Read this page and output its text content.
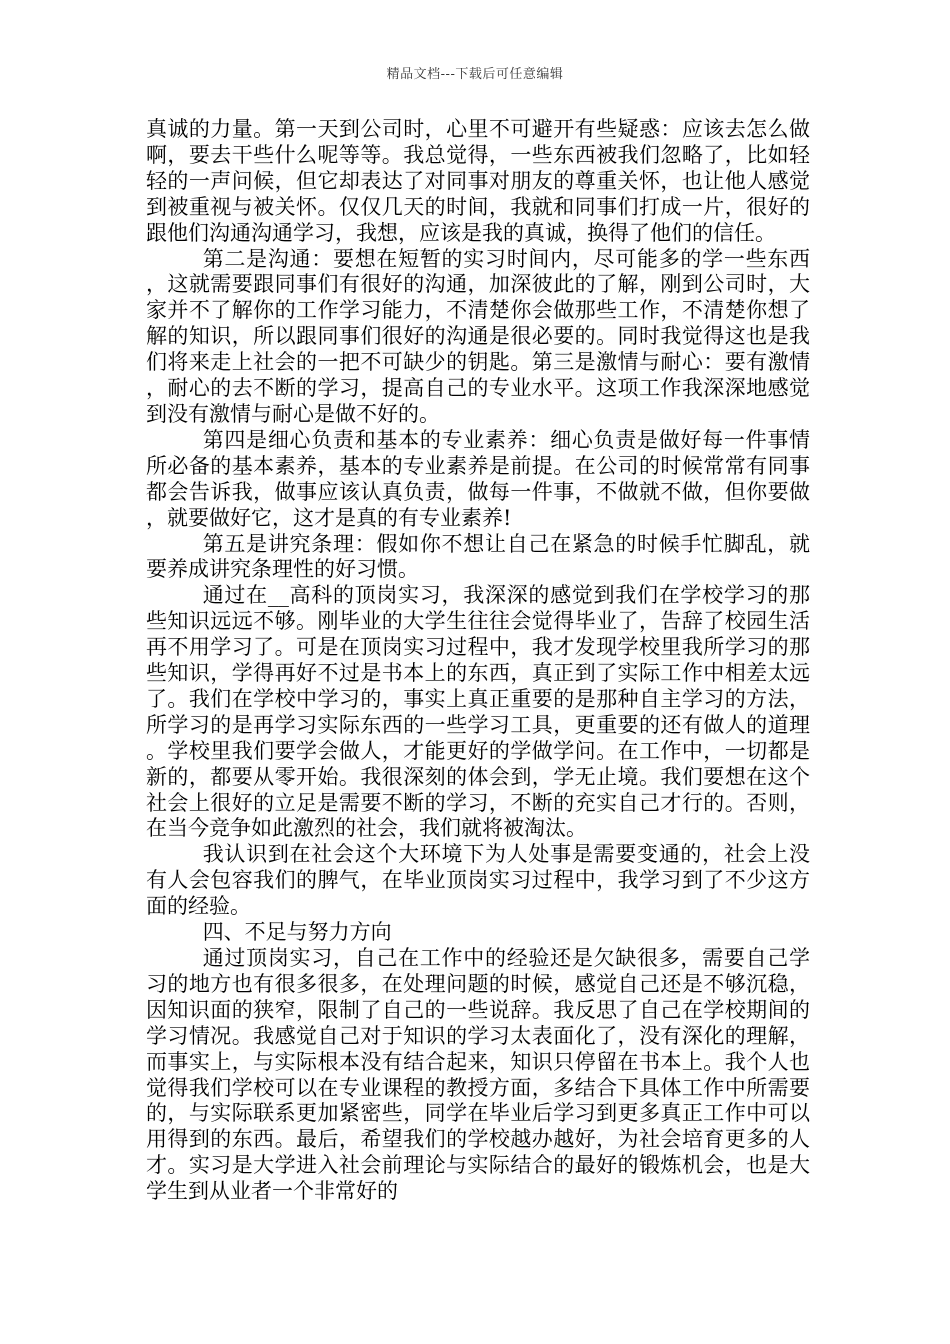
精品文档---下载后可任意编辑

真诚的力量。第一天到公司时，心里不可避开有些疑惑：应该去怎么做啊，要去干些什么呢等等。我总觉得，一些东西被我们忽略了，比如轻轻的一声问候，但它却表达了对同事对朋友的尊重关怀，也让他人感觉到被重视与被关怀。仅仅几天的时间，我就和同事们打成一片，很好的跟他们沟通沟通学习，我想，应该是我的真诚，换得了他们的信任。

第二是沟通：要想在短暂的实习时间内，尽可能多的学一些东西，这就需要跟同事们有很好的沟通，加深彼此的了解，刚到公司时，大家并不了解你的工作学习能力，不清楚你会做那些工作，不清楚你想了解的知识，所以跟同事们很好的沟通是很必要的。同时我觉得这也是我们将来走上社会的一把不可缺少的钥匙。第三是激情与耐心：要有激情，耐心的去不断的学习，提高自己的专业水平。这项工作我深深地感觉到没有激情与耐心是做不好的。

第四是细心负责和基本的专业素养：细心负责是做好每一件事情所必备的基本素养，基本的专业素养是前提。在公司的时候常常有同事都会告诉我，做事应该认真负责，做每一件事，不做就不做，但你要做，就要做好它，这才是真的有专业素养!

第五是讲究条理：假如你不想让自己在紧急的时候手忙脚乱，就要养成讲究条理性的好习惯。

通过在__高科的顶岗实习，我深深的感觉到我们在学校学习的那些知识远远不够。刚毕业的大学生往往会觉得毕业了，告辞了校园生活再不用学习了。可是在顶岗实习过程中，我才发现学校里我所学习的那些知识，学得再好不过是书本上的东西，真正到了实际工作中相差太远了。我们在学校中学习的，事实上真正重要的是那种自主学习的方法，所学习的是再学习实际东西的一些学习工具，更重要的还有做人的道理。学校里我们要学会做人，才能更好的学做学问。在工作中，一切都是新的，都要从零开始。我很深刻的体会到，学无止境。我们要想在这个社会上很好的立足是需要不断的学习，不断的充实自己才行的。否则，在当今竞争如此激烈的社会，我们就将被淘汰。

我认识到在社会这个大环境下为人处事是需要变通的，社会上没有人会包容我们的脾气，在毕业顶岗实习过程中，我学习到了不少这方面的经验。

四、不足与努力方向

通过顶岗实习，自己在工作中的经验还是欠缺很多，需要自己学习的地方也有很多很多，在处理问题的时候，感觉自己还是不够沉稳，因知识面的狭窄，限制了自己的一些说辞。我反思了自己在学校期间的学习情况。我感觉自己对于知识的学习太表面化了，没有深化的理解，而事实上，与实际根本没有结合起来，知识只停留在书本上。我个人也觉得我们学校可以在专业课程的教授方面，多结合下具体工作中所需要的，与实际联系更加紧密些，同学在毕业后学习到更多真正工作中可以用得到的东西。最后，希望我们的学校越办越好，为社会培育更多的人才。实习是大学进入社会前理论与实际结合的最好的锻炼机会，也是大学生到从业者一个非常好的
